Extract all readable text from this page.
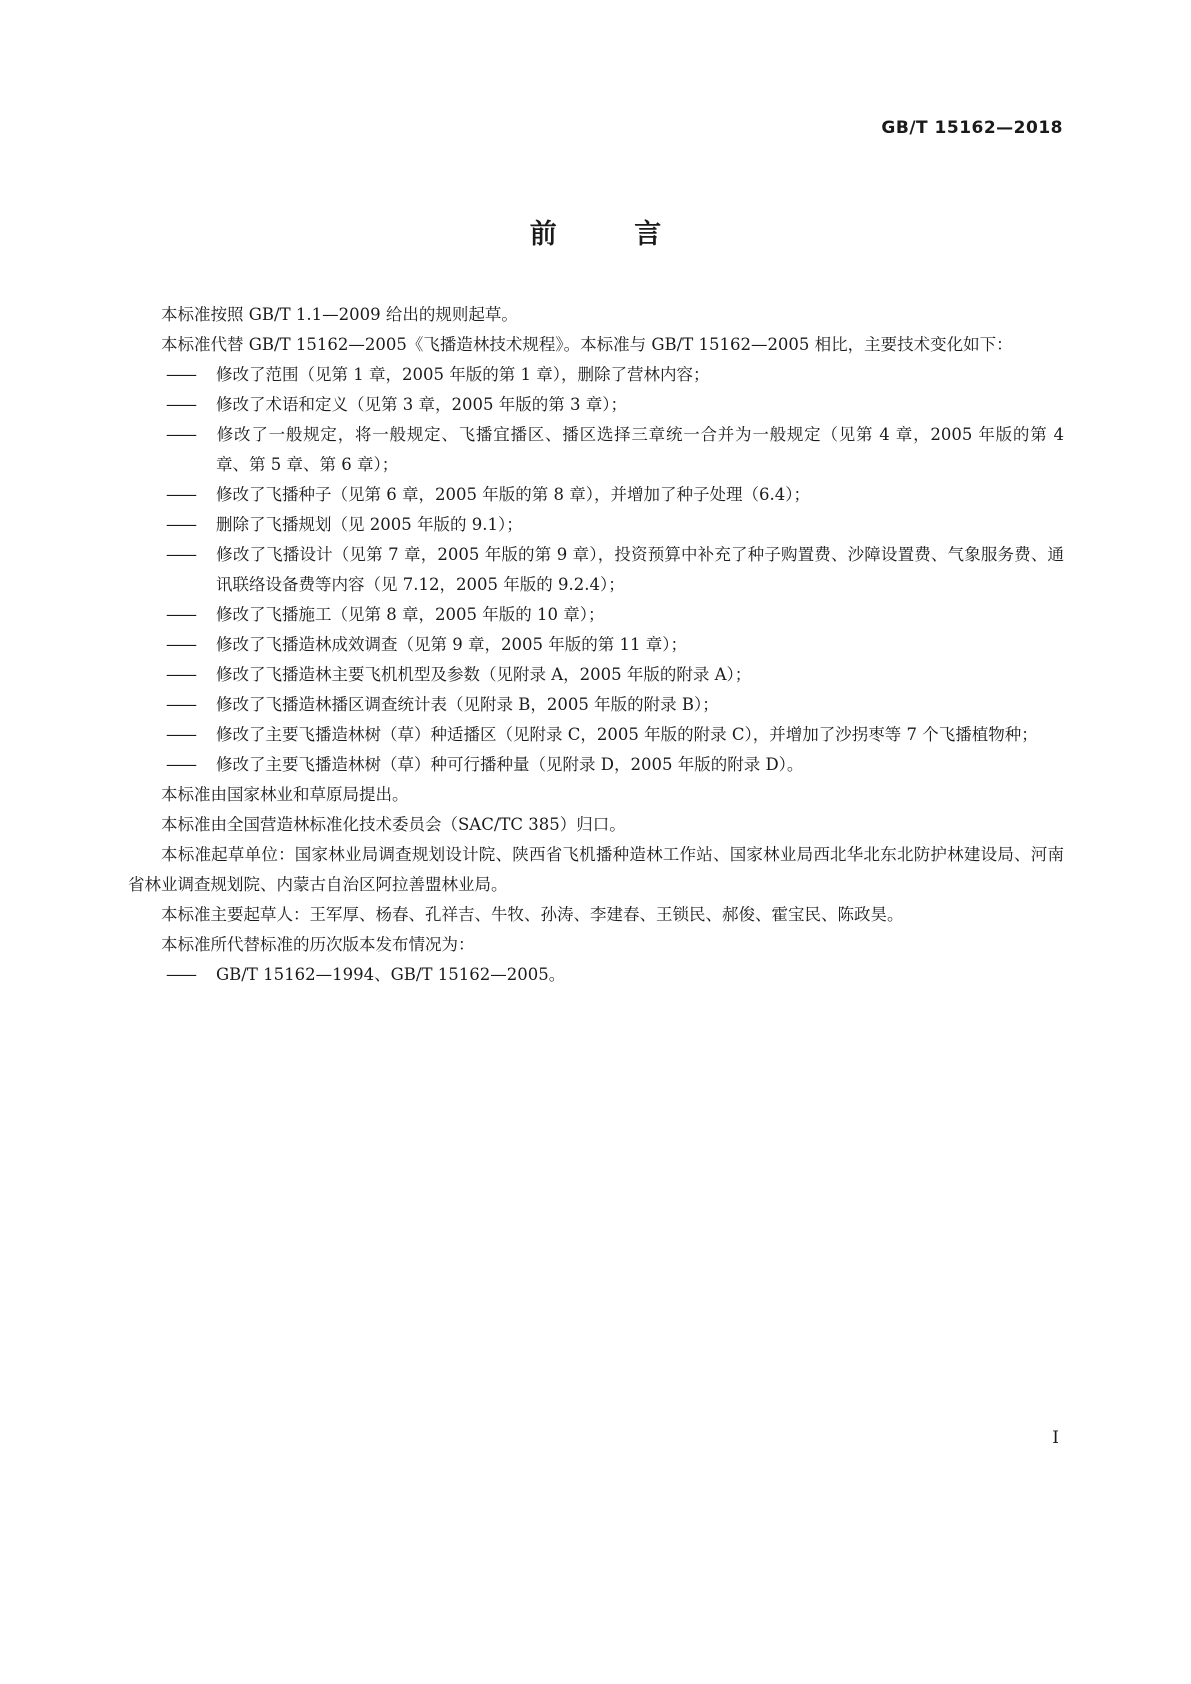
GB/T 15162—2018
前 言

本标准按照 GB/T 1.1—2009 给出的规则起草。

本标准代替 GB/T 15162—2005《飞播造林技术规程》。本标准与 GB/T 15162—2005 相比，主要技术变化如下：

—— 修改了范围（见第 1 章，2005 年版的第 1 章），删除了营林内容；

—— 修改了术语和定义（见第 3 章，2005 年版的第 3 章）；

—— 修改了一般规定，将一般规定、飞播宜播区、播区选择三章统一合并为一般规定（见第 4 章，2005 年版的第 4 章、第 5 章、第 6 章）；

—— 修改了飞播种子（见第 6 章，2005 年版的第 8 章），并增加了种子处理（6.4）；

—— 删除了飞播规划（见 2005 年版的 9.1）；

—— 修改了飞播设计（见第 7 章，2005 年版的第 9 章），投资预算中补充了种子购置费、沙障设置费、气象服务费、通讯联络设备费等内容（见 7.12，2005 年版的 9.2.4）；

—— 修改了飞播施工（见第 8 章，2005 年版的 10 章）；

—— 修改了飞播造林成效调查（见第 9 章，2005 年版的第 11 章）；

—— 修改了飞播造林主要飞机机型及参数（见附录 A，2005 年版的附录 A）；

—— 修改了飞播造林播区调查统计表（见附录 B，2005 年版的附录 B）；

—— 修改了主要飞播造林树（草）种适播区（见附录 C，2005 年版的附录 C），并增加了沙拐枣等 7 个飞播植物种；

—— 修改了主要飞播造林树（草）种可行播种量（见附录 D，2005 年版的附录 D）。

本标准由国家林业和草原局提出。

本标准由全国营造林标准化技术委员会（SAC/TC 385）归口。

本标准起草单位：国家林业局调查规划设计院、陕西省飞机播种造林工作站、国家林业局西北华北东北防护林建设局、河南省林业调查规划院、内蒙古自治区阿拉善盟林业局。

本标准主要起草人：王军厚、杨春、孔祥吉、牛牧、孙涛、李建春、王锁民、郝俊、霍宝民、陈政昊。

本标准所代替标准的历次版本发布情况为：

—— GB/T 15162—1994、GB/T 15162—2005。

I
